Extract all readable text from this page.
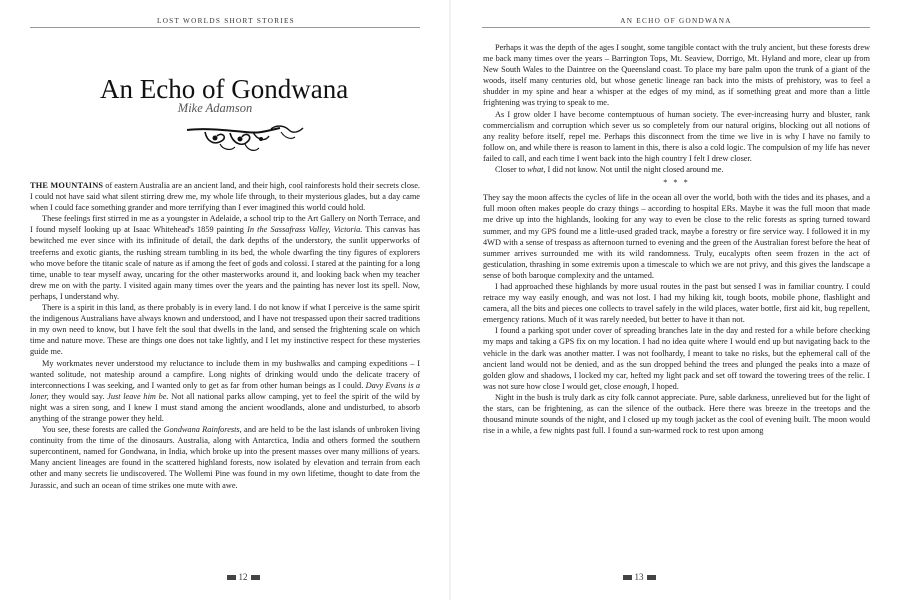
LOST WORLDS SHORT STORIES
An Echo of Gondwana
Mike Adamson

THE MOUNTAINS of eastern Australia are an ancient land, and their high, cool rainforests hold their secrets close. I could not have said what silent stirring drew me, my whole life through, to their mysterious glades, but a day came when I could face something grander and more terrifying than I ever imagined this world could hold.

These feelings first stirred in me as a youngster in Adelaide, a school trip to the Art Gallery on North Terrace, and I found myself looking up at Isaac Whitehead's 1859 painting In the Sassafrass Valley, Victoria. This canvas has bewitched me ever since with its infinitude of detail, the dark depths of the understory, the sunlit upperworks of treeferns and exotic giants, the rushing stream tumbling in its bed, the whole dwarfing the tiny figures of explorers who move before the titanic scale of nature as if among the feet of gods and colossi. I stared at the painting for a long time, unable to tear myself away, uncaring for the other masterworks around it, and looking back when my teacher drew me on with the party. I visited again many times over the years and the painting has never lost its spell. Now, perhaps, I understand why.

There is a spirit in this land, as there probably is in every land. I do not know if what I perceive is the same spirit the indigenous Australians have always known and understood, and I have not trespassed upon their sacred traditions in my own need to know, but I have felt the soul that dwells in the land, and sensed the frightening scale on which time and nature move. These are things one does not take lightly, and I let my instinctive respect for these mysteries guide me.

My workmates never understood my reluctance to include them in my bushwalks and camping expeditions – I wanted solitude, not mateship around a campfire. Long nights of drinking would undo the delicate tracery of interconnections I was seeking, and I wanted only to get as far from other human beings as I could. Davy Evans is a loner, they would say. Just leave him be. Not all national parks allow camping, yet to feel the spirit of the wild by night was a siren song, and I knew I must stand among the ancient woodlands, alone and undisturbed, to absorb anything of the strange power they held.

You see, these forests are called the Gondwana Rainforests, and are held to be the last islands of unbroken living continuity from the time of the dinosaurs. Australia, along with Antarctica, India and others formed the southern supercontinent, named for Gondwana, in India, which broke up into the present masses over many millions of years. Many ancient lineages are found in the scattered highland forests, now isolated by elevation and terrain from each other and many secrets lie undiscovered. The Wollemi Pine was found in my own lifetime, thought to date from the Jurassic, and such an ocean of time strikes one mute with awe.

12
AN ECHO OF GONDWANA

Perhaps it was the depth of the ages I sought, some tangible contact with the truly ancient, but these forests drew me back many times over the years – Barrington Tops, Mt. Seaview, Dorrigo, Mt. Hyland and more, clear up from New South Wales to the Daintree on the Queensland coast. To place my bare palm upon the trunk of a giant of the woods, itself many centuries old, but whose genetic lineage ran back into the mists of prehistory, was to feel a shudder in my spine and hear a whisper at the edges of my mind, as if something great and more than a little frightening was trying to speak to me.

As I grow older I have become contemptuous of human society. The ever-increasing hurry and bluster, rank commercialism and corruption which sever us so completely from our natural origins, blocking out all notions of any reality before itself, repel me. Perhaps this disconnect from the time we live in is why I have no family to follow on, and while there is reason to lament in this, there is also a cold logic. The compulsion of my life has never failed to call, and each time I went back into the high country I felt I drew closer.

Closer to what, I did not know. Not until the night closed around me.

* * *

They say the moon affects the cycles of life in the ocean all over the world, both with the tides and its phases, and a full moon often makes people do crazy things – according to hospital ERs. Maybe it was the full moon that made me drive up into the highlands, looking for any way to even be close to the relic forests as spring turned toward summer, and my GPS found me a little-used graded track, maybe a forestry or fire service way. I followed it in my 4WD with a sense of trespass as afternoon turned to evening and the green of the Australian forest before the heat of summer arrives surrounded me with its wild randomness. Truly, eucalypts often seem frozen in the act of gesticulation, thrashing in some extremis upon a timescale to which we are not privy, and this gives the landscape a sense of both baroque complexity and the untamed.

I had approached these highlands by more usual routes in the past but sensed I was in familiar country. I could retrace my way easily enough, and was not lost. I had my hiking kit, tough boots, mobile phone, flashlight and camera, all the bits and pieces one collects to travel safely in the wild places, water bottle, first aid kit, bug repellent, emergency rations. Much of it was rarely needed, but better to have it than not.

I found a parking spot under cover of spreading branches late in the day and rested for a while before checking my maps and taking a GPS fix on my location. I had no idea quite where I would end up but navigating back to the vehicle in the dark was another matter. I was not foolhardy, I meant to take no risks, but the ephemeral call of the ancient land would not be denied, and as the sun dropped behind the trees and plunged the peaks into a maze of golden glow and shadows, I locked my car, hefted my light pack and set off toward the towering trees of the relic. I was not sure how close I would get, close enough, I hoped.

Night in the bush is truly dark as city folk cannot appreciate. Pure, sable darkness, unrelieved but for the light of the stars, can be frightening, as can the silence of the outback. Here there was breeze in the treetops and the thousand minute sounds of the night, and I closed up my tough jacket as the cool of evening built. The moon would rise in a while, a few nights past full. I found a sun-warmed rock to rest upon among

13
